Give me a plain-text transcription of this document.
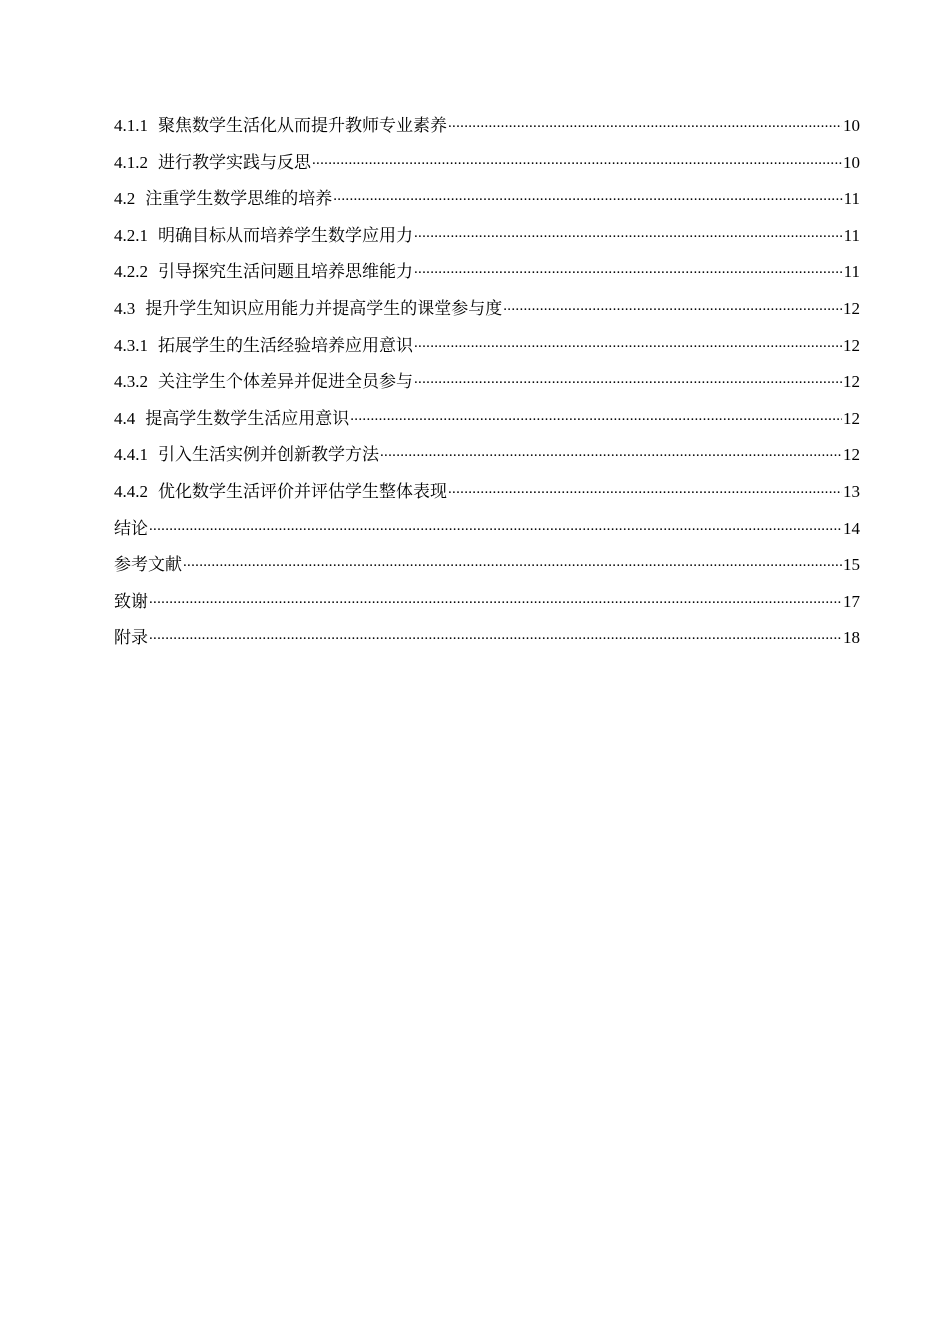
4.1.1 聚焦数学生活化从而提升教师专业素养 .....	10
4.1.2 进行教学实践与反思 .....	10
4.2 注重学生数学思维的培养 .....	11
4.2.1 明确目标从而培养学生数学应用力 .....	11
4.2.2 引导探究生活问题且培养思维能力 .....	11
4.3 提升学生知识应用能力并提高学生的课堂参与度 .....	12
4.3.1 拓展学生的生活经验培养应用意识 .....	12
4.3.2 关注学生个体差异并促进全员参与 .....	12
4.4 提高学生数学生活应用意识 .....	12
4.4.1 引入生活实例并创新教学方法 .....	12
4.4.2 优化数学生活评价并评估学生整体表现 .....	13
结论 .....	14
参考文献 .....	15
致谢 .....	17
附录 .....	18
